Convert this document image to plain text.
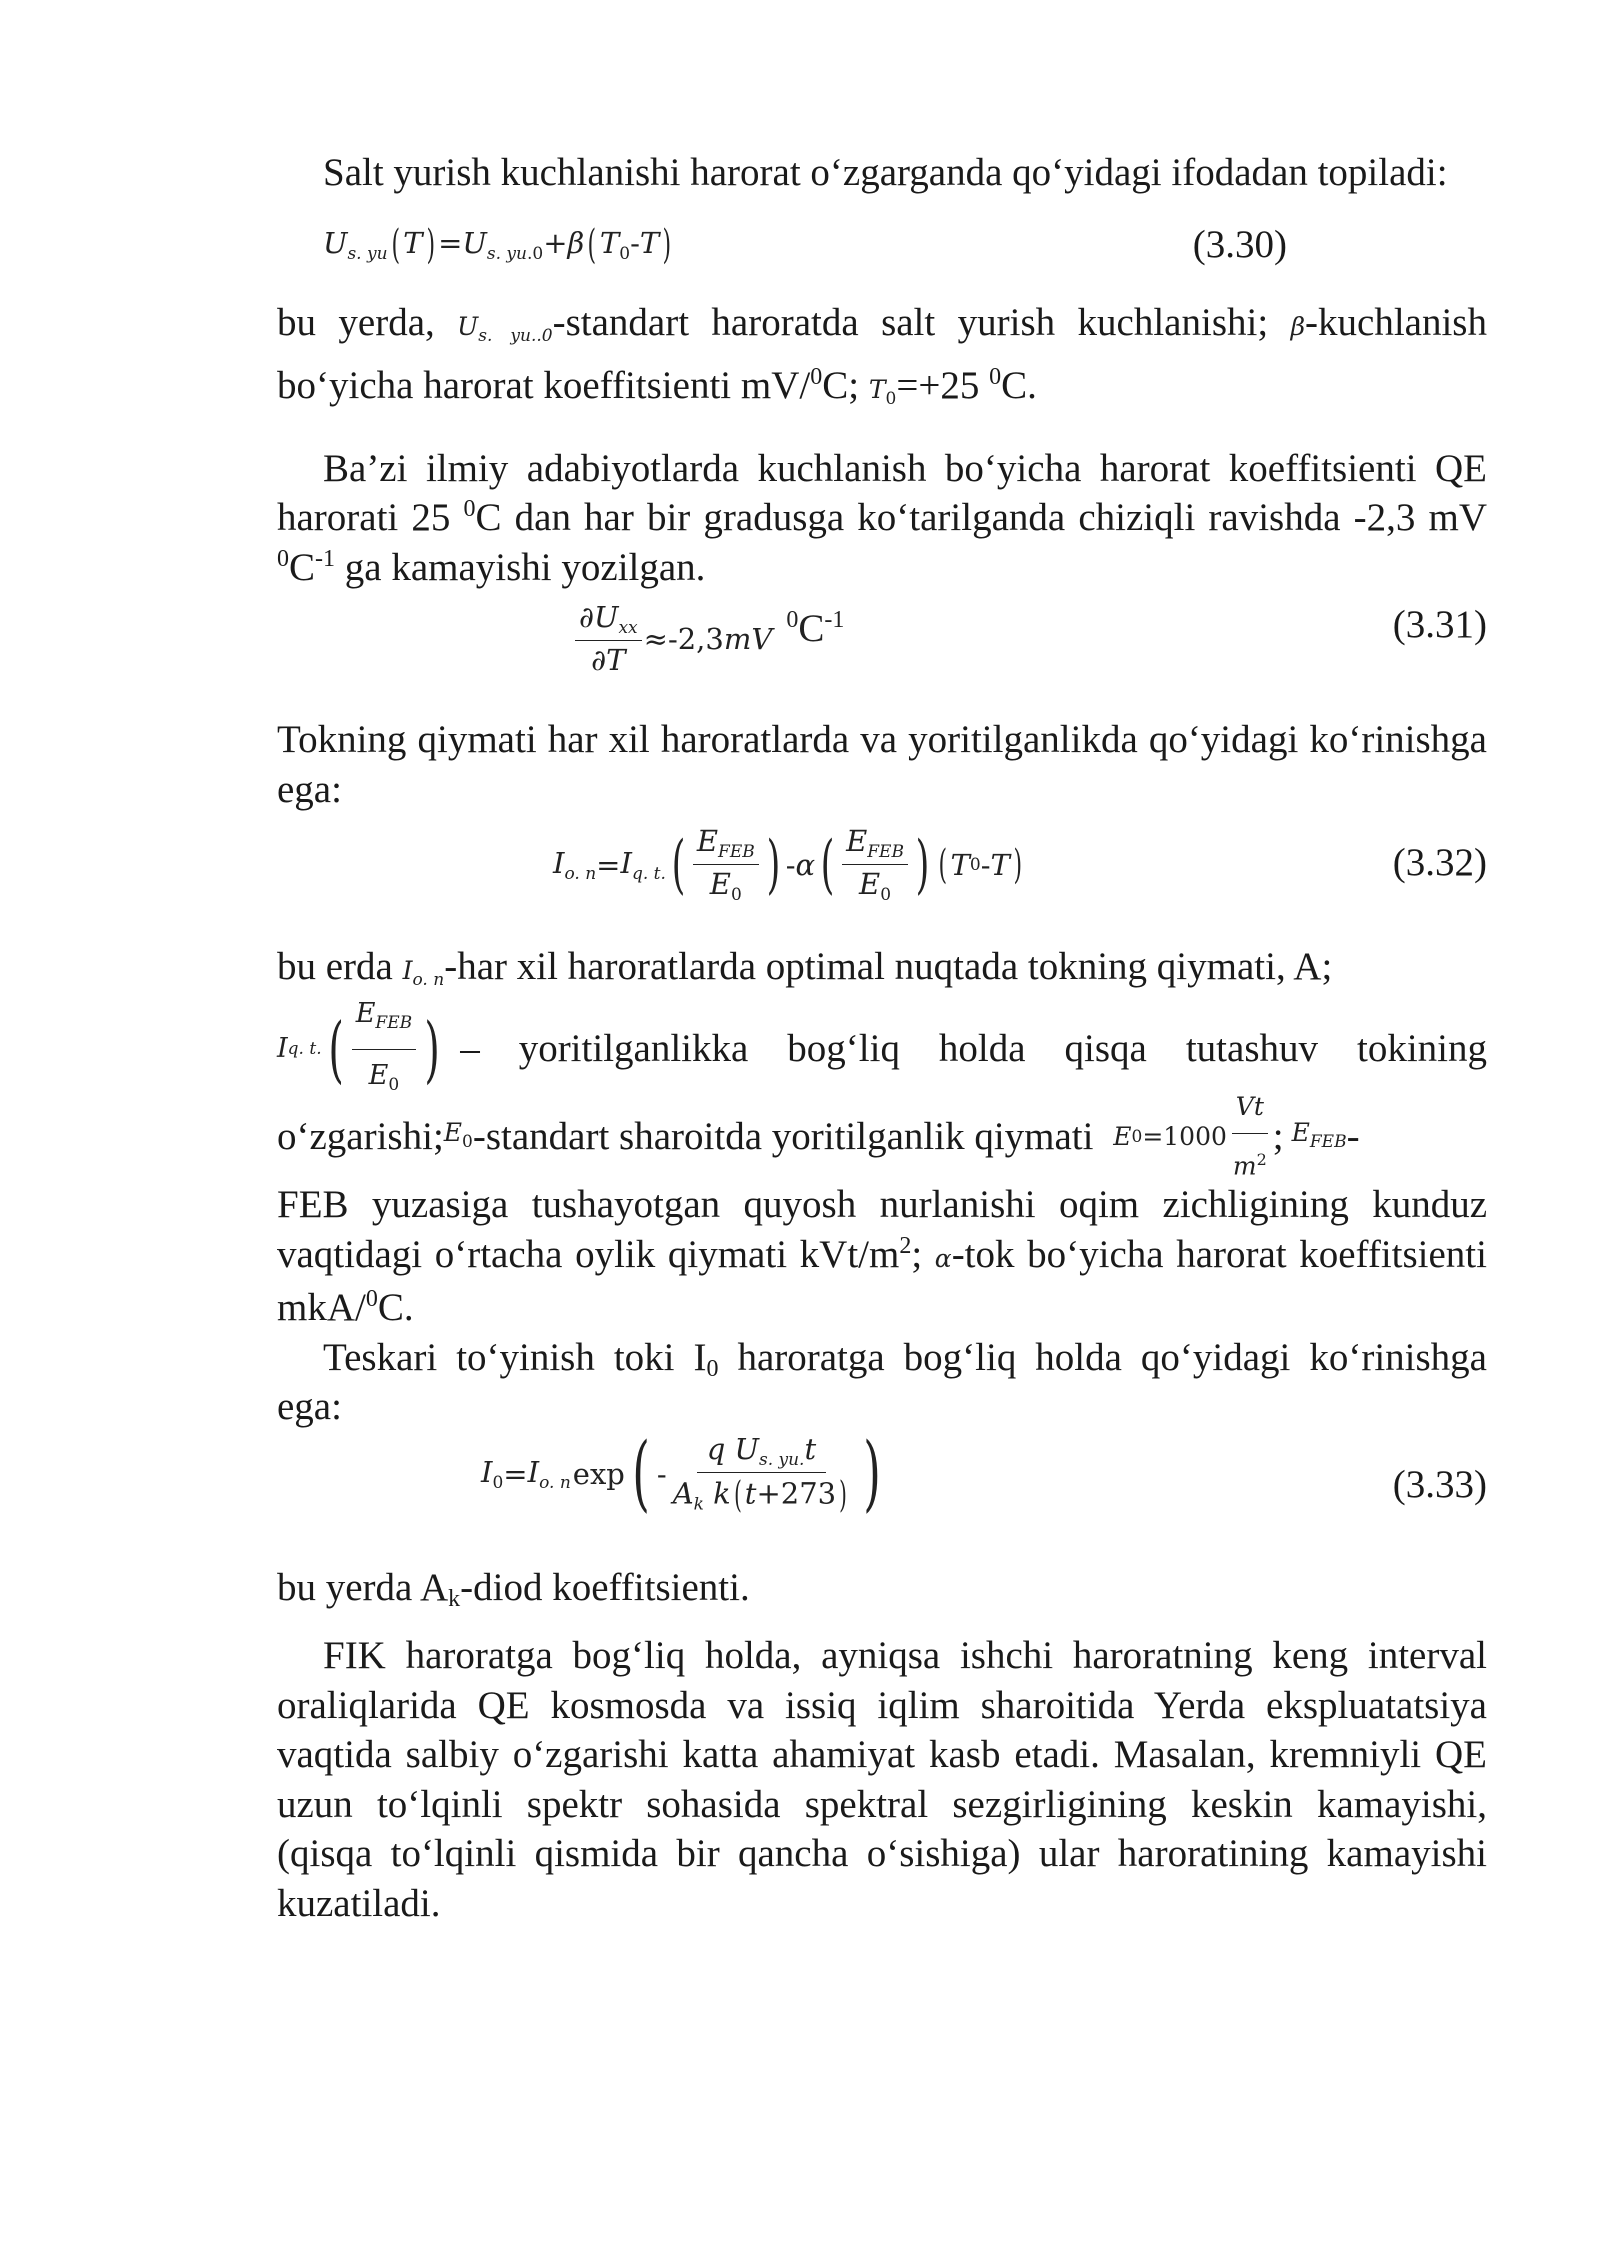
Salt yurish kuchlanishi harorat o‘zgarganda qo‘yidagi ifodadan topiladi:

$U_{s. yu}$( $T) =U_{s. yu.0}+\beta$( $T_0-T$)	(3.30)

bu yerda, $U_{s. yu..0}$-standart haroratda salt yurish kuchlanishi; β-kuchlanish bo‘yicha harorat koeffitsienti mV/$^0$C; $T_0=+25$ $^0$C.

Ba’zi ilmiy adabiyotlarda kuchlanish bo‘yicha harorat koeffitsienti QE harorati 25 $^0$C dan har bir gradusga ko‘tarilganda chiziqli ravishda -2,3 mV $^0C^{-1}$ ga kamayishi yozilgan.

$\frac{\partial U_{xx}}{\partial T} \approx -2,3$ mV
$^0C^{-1}$	(3.31)

Tokning qiymati har xil haroratlarda va yoritilganlikda qo‘yidagi ko‘rinishga ega:

$I_{o. n} = I_{q. t.}$ ( $\frac{E_{FEB}}{E_0}$ ) - α ( $\frac{E_{FEB}}{E_0}$ ) ( T 0 - T )	(3.32)

bu erda $I_{o. n}$-har xil haroratlarda optimal nuqtada tokning qiymati, A;

I q. t. ( $\frac{E_{FEB}}{E_0}$ ) – yoritilganlikka bog‘liq holda qisqa tutashuv tokining

o‘zgarishi; $E_0$ -standart sharoitda yoritilganlik qiymati E $0 = 1000 \frac{Vt}{m^2}$ ; $E_{FEB}$ -

FEB yuzasiga tushayotgan quyosh nurlanishi oqim zichligining kunduz vaqtidagi o‘rtacha oylik qiymati kVt/$m^2$; α-tok bo‘yicha harorat koeffitsienti mkA/$^0$C.

Teskari to‘yinish toki $I_0$ haroratga bog‘liq holda qo‘yidagi ko‘rinishga ega:

$I_0 = I_{o. n}$ exp ( - $\frac{q U_{s. yu.}t}{A_k k( t+273)}$ )	(3.33)

bu yerda $A_k$-diod koeffitsienti.

FIK haroratga bog‘liq holda, ayniqsa ishchi haroratning keng interval oraliqlarida QE kosmosda va issiq iqlim sharoitida Yerda ekspluatatsiya vaqtida salbiy o‘zgarishi katta ahamiyat kasb etadi. Masalan, kremniyli QE uzun to‘lqinli spektr sohasida spektral sezgirligining keskin kamayishi, (qisqa to‘lqinli qismida bir qancha o‘sishiga) ular haroratining kamayishi kuzatiladi.
